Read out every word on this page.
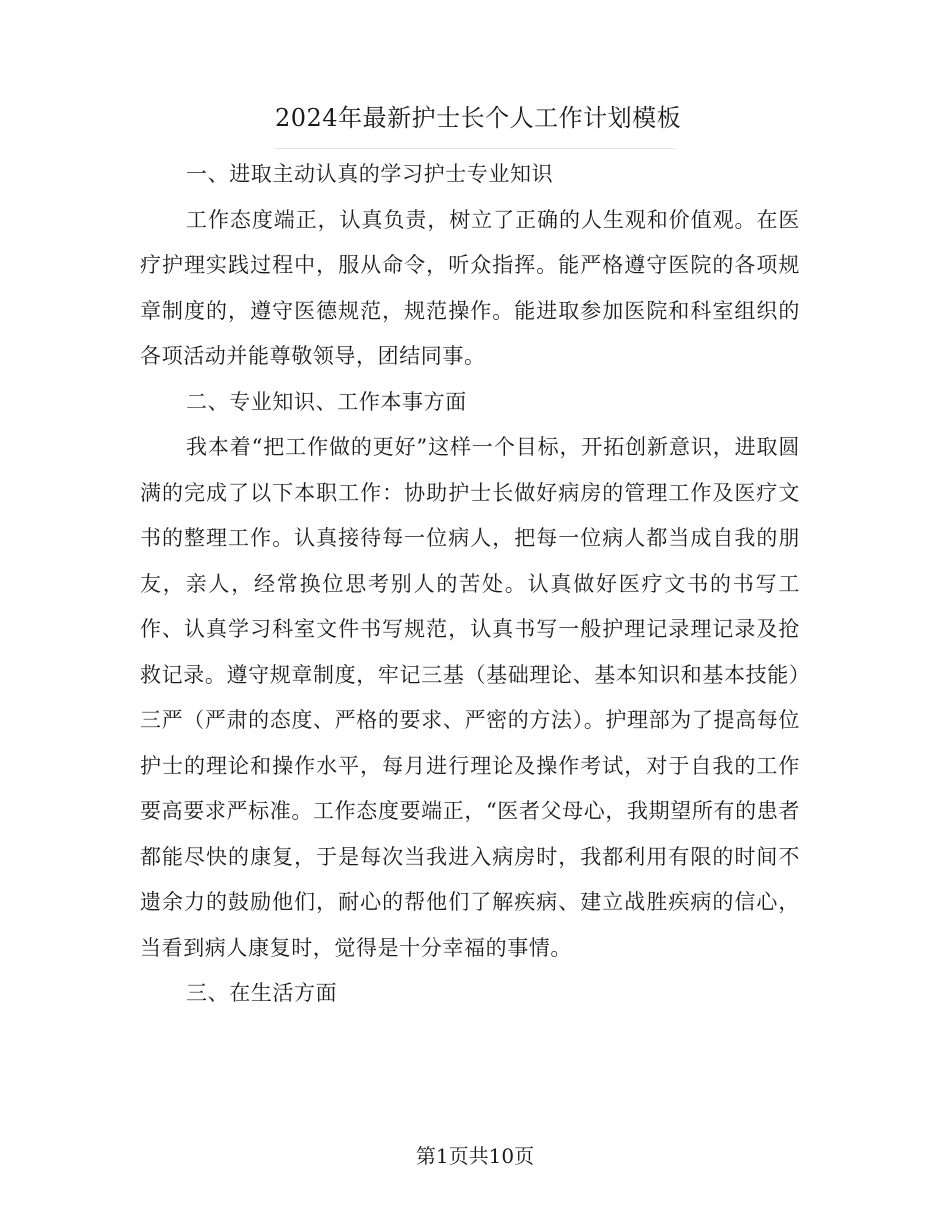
2024年最新护士长个人工作计划模板

一、进取主动认真的学习护士专业知识

工作态度端正，认真负责，树立了正确的人生观和价值观。在医疗护理实践过程中，服从命令，听众指挥。能严格遵守医院的各项规章制度的，遵守医德规范，规范操作。能进取参加医院和科室组织的各项活动并能尊敬领导，团结同事。

二、专业知识、工作本事方面

我本着“把工作做的更好”这样一个目标，开拓创新意识，进取圆满的完成了以下本职工作：协助护士长做好病房的管理工作及医疗文书的整理工作。认真接待每一位病人，把每一位病人都当成自我的朋友，亲人，经常换位思考别人的苦处。认真做好医疗文书的书写工作、认真学习科室文件书写规范，认真书写一般护理记录理记录及抢救记录。遵守规章制度，牢记三基（基础理论、基本知识和基本技能）三严（严肃的态度、严格的要求、严密的方法）。护理部为了提高每位护士的理论和操作水平，每月进行理论及操作考试，对于自我的工作要高要求严标准。工作态度要端正，“医者父母心，我期望所有的患者都能尽快的康复，于是每次当我进入病房时，我都利用有限的时间不遗余力的鼓励他们，耐心的帮他们了解疾病、建立战胜疾病的信心，当看到病人康复时，觉得是十分幸福的事情。

三、在生活方面

第1页共10页
